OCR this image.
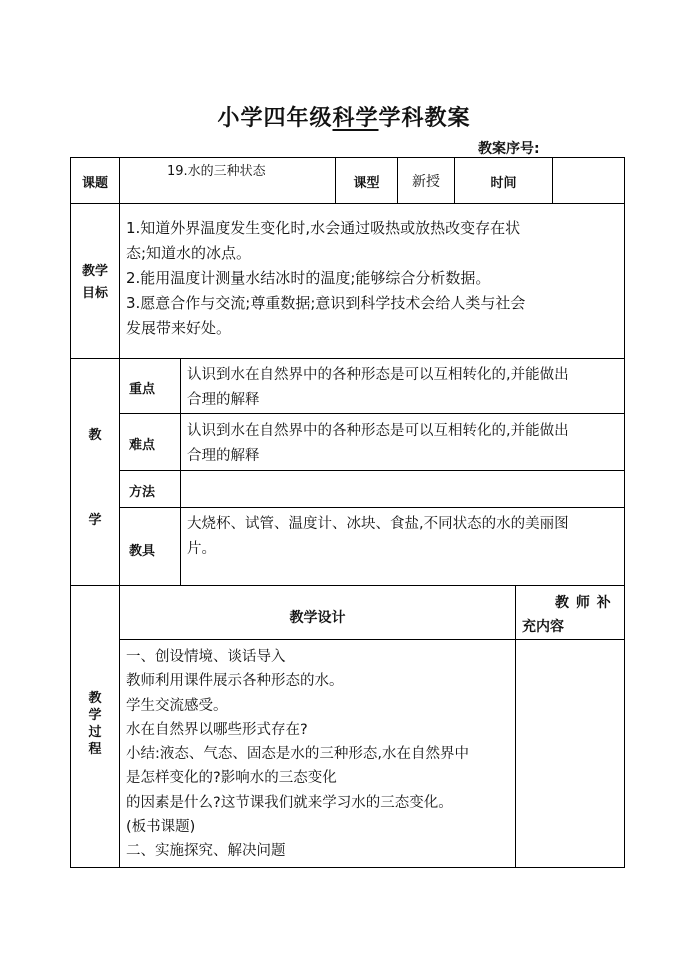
小学四年级科学学科教案
教案序号:
课题
19.水的三种状态
课型	新授	时间
教学
目标
1.知道外界温度发生变化时,水会通过吸热或放热改变存在状
态;知道水的冰点。
2.能用温度计测量水结冰时的温度;能够综合分析数据。
3.愿意合作与交流;尊重数据;意识到科学技术会给人类与社会
发展带来好处。
教
学
重点
认识到水在自然界中的各种形态是可以互相转化的,并能做出
合理的解释
难点
认识到水在自然界中的各种形态是可以互相转化的,并能做出
合理的解释
方法
教具
大烧杯、试管、温度计、冰块、食盐,不同状态的水的美丽图
片。
教
学
过
程
教学设计
教 师 补
充内容
一、创设情境、谈话导入
教师利用课件展示各种形态的水。
学生交流感受。
水在自然界以哪些形式存在?
小结:液态、气态、固态是水的三种形态,水在自然界中
是怎样变化的?影响水的三态变化
的因素是什么?这节课我们就来学习水的三态变化。
(板书课题)
二、实施探究、解决问题
